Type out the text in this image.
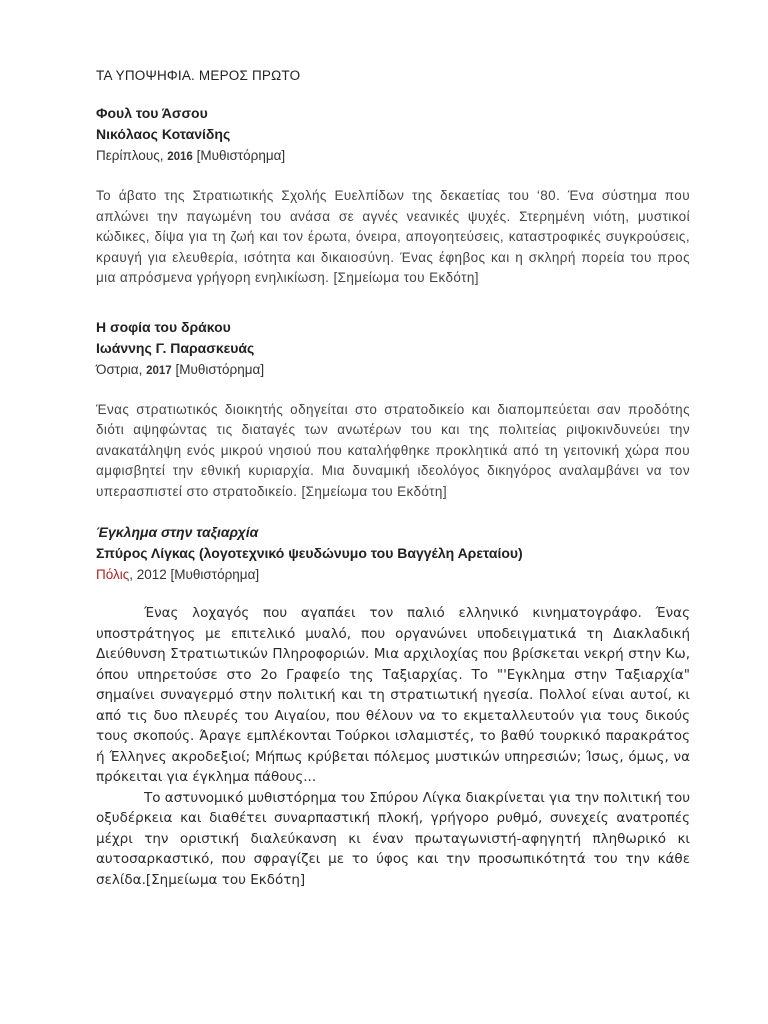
ΤΑ ΥΠΟΨΗΦΙΑ. ΜΕΡΟΣ ΠΡΩΤΟ

Φουλ του Άσσου

Νικόλαος Κοτανίδης

Περίπλους, 2016 [Μυθιστόρημα]

Το άβατο της Στρατιωτικής Σχολής Ευελπίδων της δεκαετίας του ‘80. Ένα σύστημα που απλώνει την παγωμένη του ανάσα σε αγνές νεανικές ψυχές. Στερημένη νιότη, μυστικοί κώδικες, δίψα για τη ζωή και τον έρωτα, όνειρα, απογοητεύσεις, καταστροφικές συγκρούσεις, κραυγή για ελευθερία, ισότητα και δικαιοσύνη. Ένας έφηβος και η σκληρή πορεία του προς μια απρόσμενα γρήγορη ενηλικίωση. [Σημείωμα του Εκδότη]

Η σοφία του δράκου

Ιωάννης Γ. Παρασκευάς

Όστρια, 2017 [Μυθιστόρημα]

Ένας στρατιωτικός διοικητής οδηγείται στο στρατοδικείο και διαπομπεύεται σαν προδότης διότι αψηφώντας τις διαταγές των ανωτέρων του και της πολιτείας ριψοκινδυνεύει την ανακατάληψη ενός μικρού νησιού που καταλήφθηκε προκλητικά από τη γειτονική χώρα που αμφισβητεί την εθνική κυριαρχία. Μια δυναμική ιδεολόγος δικηγόρος αναλαμβάνει να τον υπερασπιστεί στο στρατοδικείο. [Σημείωμα του Εκδότη]

Έγκλημα στην ταξιαρχία

Σπύρος Λίγκας (λογοτεχνικό ψευδώνυμο του Βαγγέλη Αρεταίου)

Πόλις, 2012 [Μυθιστόρημα]

Ένας λοχαγός που αγαπάει τον παλιό ελληνικό κινηματογράφο. Ένας υποστράτηγος με επιτελικό μυαλό, που οργανώνει υποδειγματικά τη Διακλαδική Διεύθυνση Στρατιωτικών Πληροφοριών. Μια αρχιλοχίας που βρίσκεται νεκρή στην Κω, όπου υπηρετούσε στο 2ο Γραφείο της Ταξιαρχίας. Το "'Εγκλημα στην Ταξιαρχία" σημαίνει συναγερμό στην πολιτική και τη στρατιωτική ηγεσία. Πολλοί είναι αυτοί, κι από τις δυο πλευρές του Αιγαίου, που θέλουν να το εκμεταλλευτούν για τους δικούς τους σκοπούς. Άραγε εμπλέκονται Τούρκοι ισλαμιστές, το βαθύ τουρκικό παρακράτος ή Έλληνες ακροδεξιοί; Μήπως κρύβεται πόλεμος μυστικών υπηρεσιών; Ίσως, όμως, να πρόκειται για έγκλημα πάθους...

Το αστυνομικό μυθιστόρημα του Σπύρου Λίγκα διακρίνεται για την πολιτική του οξυδέρκεια και διαθέτει συναρπαστική πλοκή, γρήγορο ρυθμό, συνεχείς ανατροπές μέχρι την οριστική διαλεύκανση κι έναν πρωταγωνιστή-αφηγητή πληθωρικό κι αυτοσαρκαστικό, που σφραγίζει με το ύφος και την προσωπικότητά του την κάθε σελίδα.[Σημείωμα του Εκδότη]
